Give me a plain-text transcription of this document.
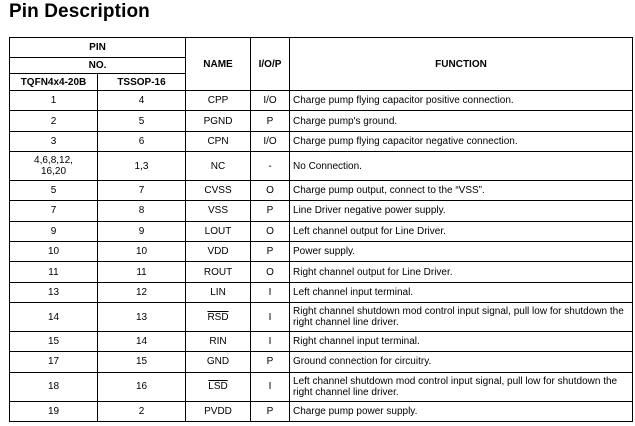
Pin Description
PIN		NAME	I/O/P	FUNCTION
NO.				
TQFN4x4-20B	TSSOP-16			
1	4	CPP	I/O	Charge pump flying capacitor positive connection.
2	5	PGND	P	Charge pump's ground.
3	6	CPN	I/O	Charge pump flying capacitor negative connection.
4,6,8,12,
16,20	1,3	NC	-	No Connection.
5	7	CVSS	O	Charge pump output, connect to the “VSS”.
7	8	VSS	P	Line Driver negative power supply.
9	9	LOUT	O	Left channel output for Line Driver.
10	10	VDD	P	Power supply.
11	11	ROUT	O	Right channel output for Line Driver.
13	12	LIN	I	Left channel input terminal.
14	13	$\overline{RSD}$	I	Right channel shutdown mod control input signal, pull low for shutdown the right channel line driver.
15	14	RIN	I	Right channel input terminal.
17	15	GND	P	Ground connection for circuitry.
18	16	$\overline{LSD}$	I	Left channel shutdown mod control input signal, pull low for shutdown the right channel line driver.
19	2	PVDD	P	Charge pump power supply.
